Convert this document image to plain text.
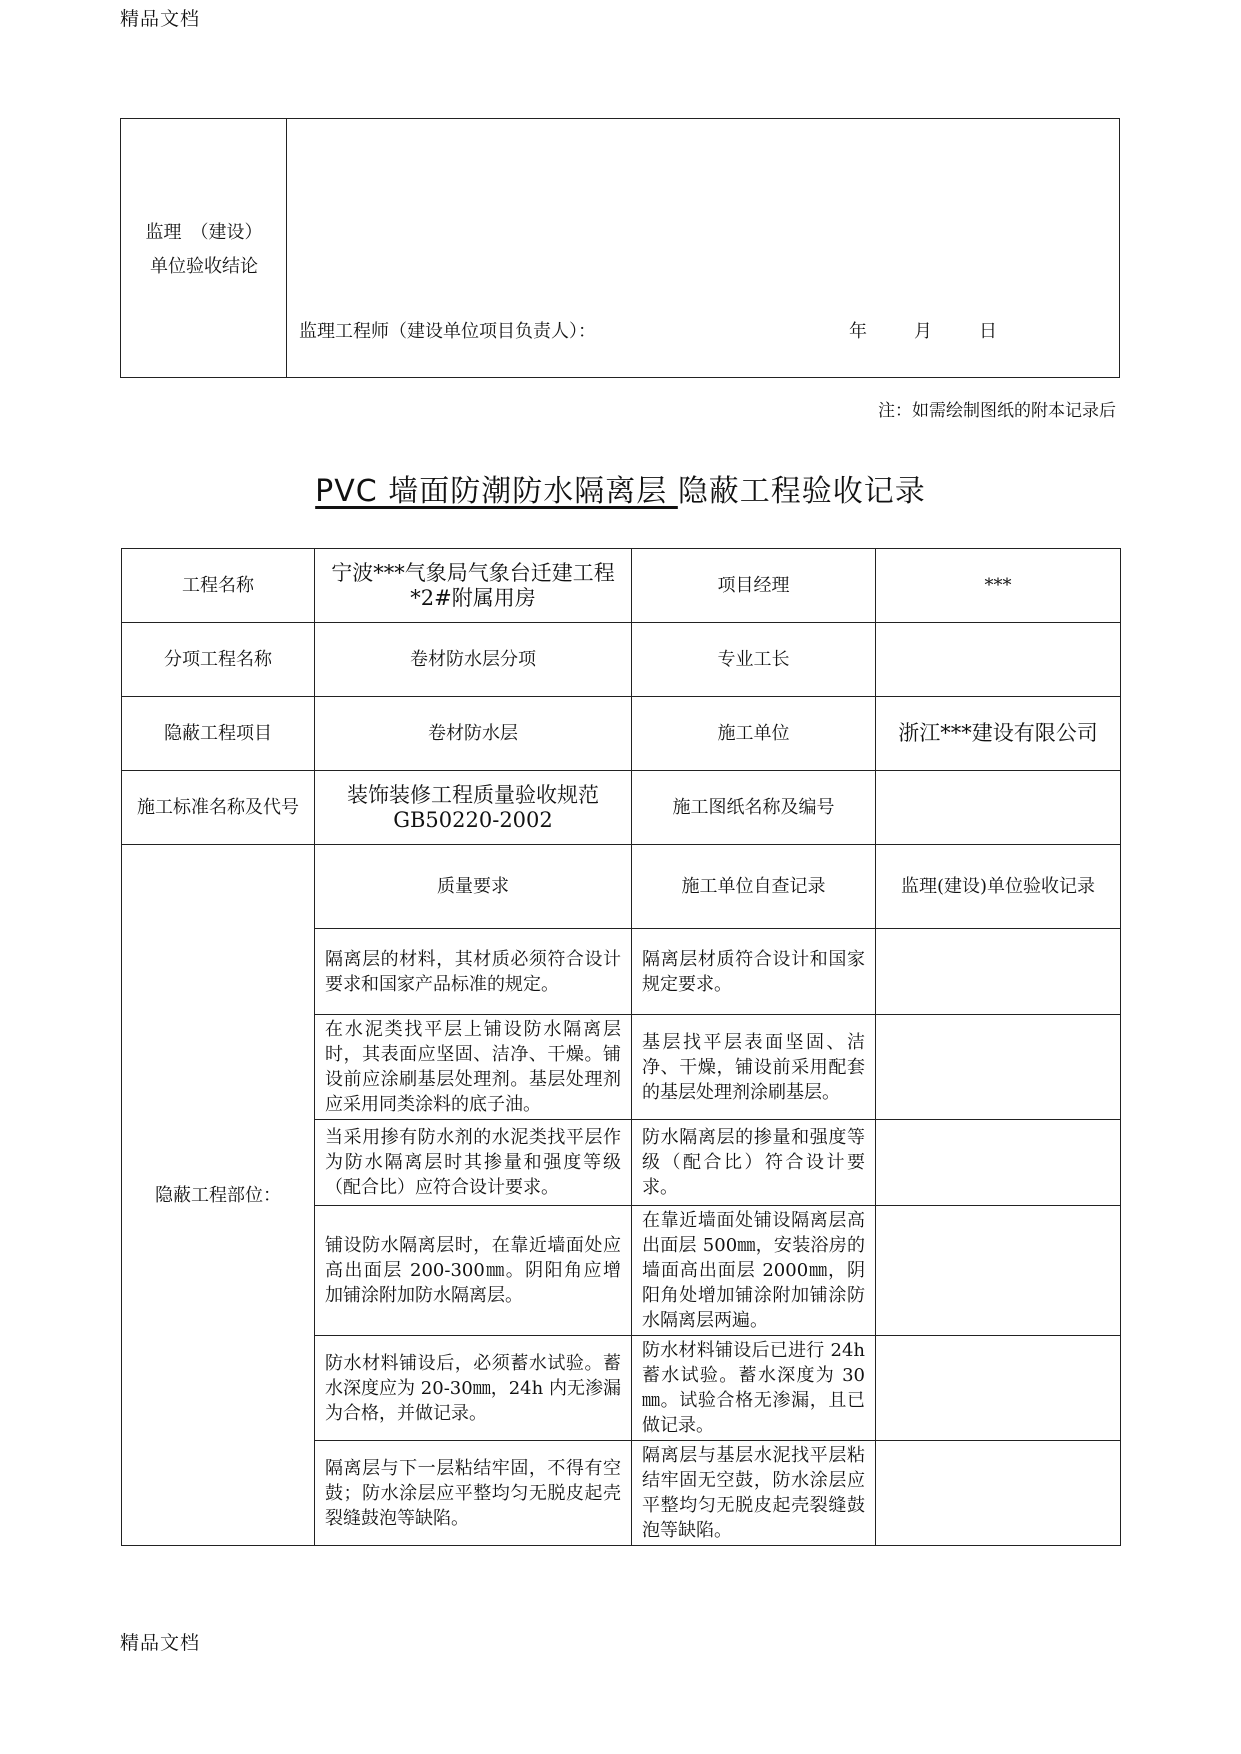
精品文档
监理　（建设）
单位验收结论
监理工程师（建设单位项目负责人）：	年	月	日
注：如需绘制图纸的附本记录后
PVC 墙面防潮防水隔离层 隐蔽工程验收记录
工程名称	宁波***气象局气象台迁建工程*2#附属用房	项目经理	***
分项工程名称	卷材防水层分项	专业工长	
隐蔽工程项目	卷材防水层	施工单位	浙江***建设有限公司
施工标准名称及代号	装饰装修工程质量验收规范 GB50220-2002	施工图纸名称及编号	
隐蔽工程部位：	质量要求	施工单位自查记录	监理(建设)单位验收记录
	隔离层的材料，其材质必须符合设计要求和国家产品标准的规定。	隔离层材质符合设计和国家规定要求。	
	在水泥类找平层上铺设防水隔离层时，其表面应坚固、洁净、干燥。铺设前应涂刷基层处理剂。基层处理剂应采用同类涂料的底子油。	基层找平层表面坚固、洁净、干燥，铺设前采用配套的基层处理剂涂刷基层。	
	当采用掺有防水剂的水泥类找平层作为防水隔离层时其掺量和强度等级（配合比）应符合设计要求。	防水隔离层的掺量和强度等级（配合比）符合设计要求。	
	铺设防水隔离层时，在靠近墙面处应高出面层 200-300㎜。阴阳角应增加铺涂附加防水隔离层。	在靠近墙面处铺设隔离层高出面层 500㎜，安装浴房的墙面高出面层 2000㎜，阴阳角处增加铺涂附加铺涂防水隔离层两遍。	
	防水材料铺设后，必须蓄水试验。蓄水深度应为 20-30㎜，24h 内无渗漏为合格，并做记录。	防水材料铺设后已进行 24h 蓄水试验。蓄水深度为 30㎜。试验合格无渗漏，且已做记录。	
	隔离层与下一层粘结牢固，不得有空鼓；防水涂层应平整均匀无脱皮起壳裂缝鼓泡等缺陷。	隔离层与基层水泥找平层粘结牢固无空鼓，防水涂层应平整均匀无脱皮起壳裂缝鼓泡等缺陷。	
精品文档
